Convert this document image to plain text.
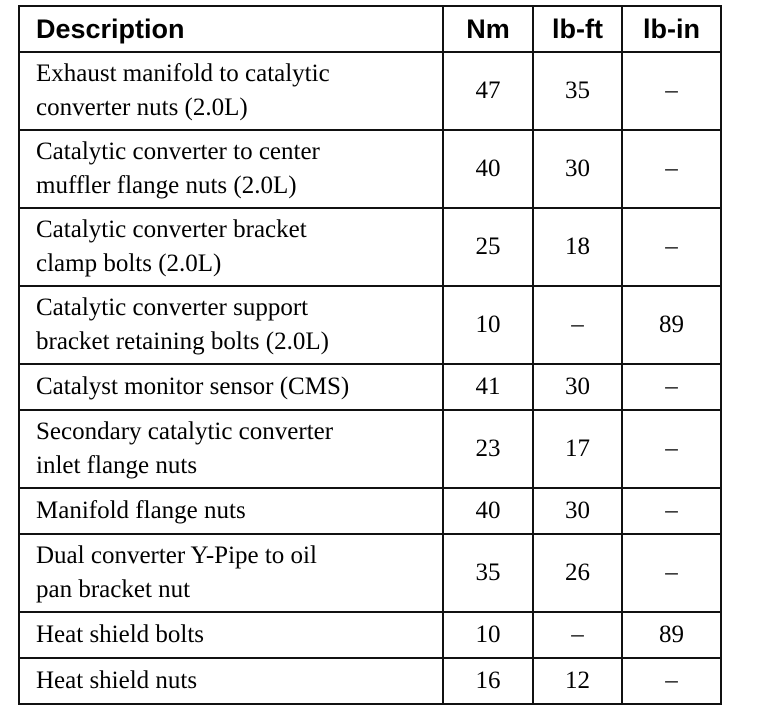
Description	Nm	lb-ft	lb-in

Exhaust manifold to catalytic
converter nuts (2.0L)	47	35	–

Catalytic converter to center
muffler flange nuts (2.0L)	40	30	–

Catalytic converter bracket
clamp bolts (2.0L)	25	18	–

Catalytic converter support
bracket retaining bolts (2.0L)	10	–	89

Catalyst monitor sensor (CMS)	41	30	–

Secondary catalytic converter
inlet flange nuts	23	17	–

Manifold flange nuts	40	30	–

Dual converter Y-Pipe to oil
pan bracket nut	35	26	–

Heat shield bolts	10	–	89

Heat shield nuts	16	12	–
